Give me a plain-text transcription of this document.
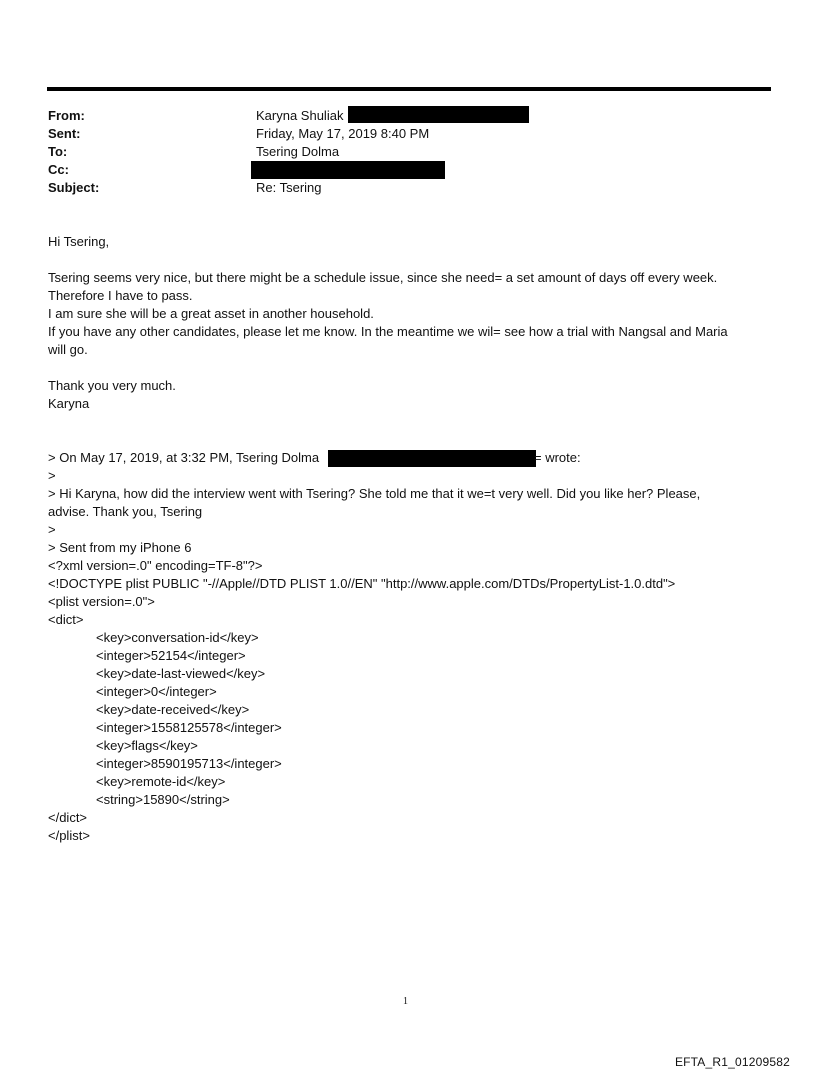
From:	Karyna Shuliak
Sent:	Friday, May 17, 2019 8:40 PM
To:	Tsering Dolma
Cc:
Subject:	Re: Tsering
Hi Tsering,
Tsering seems very nice, but there might be a schedule issue, since she need= a set amount of days off every week.
Therefore I have to pass.
I am sure she will be a great asset in another household.
If you have any other candidates, please let me know. In the meantime we wil= see how a trial with Nangsal and Maria
will go.
Thank you very much.
Karyna
> On May 17, 2019, at 3:32 PM, Tsering Dolma	= wrote:
>
> Hi Karyna, how did the interview went with Tsering? She told me that it we=t very well. Did you like her? Please,
advise. Thank you, Tsering
>
> Sent from my iPhone 6
<?xml version=.0" encoding=TF-8"?>
<!DOCTYPE plist PUBLIC "-//Apple//DTD PLIST 1.0//EN" "http://www.apple.com/DTDs/PropertyList-1.0.dtd">
<plist version=.0">
<dict>
<key>conversation-id</key>
<integer>52154</integer>
<key>date-last-viewed</key>
<integer>0</integer>
<key>date-received</key>
<integer>1558125578</integer>
<key>flags</key>
<integer>8590195713</integer>
<key>remote-id</key>
<string>15890</string>
</dict>
</plist>
1
EFTA_R1_01209582
